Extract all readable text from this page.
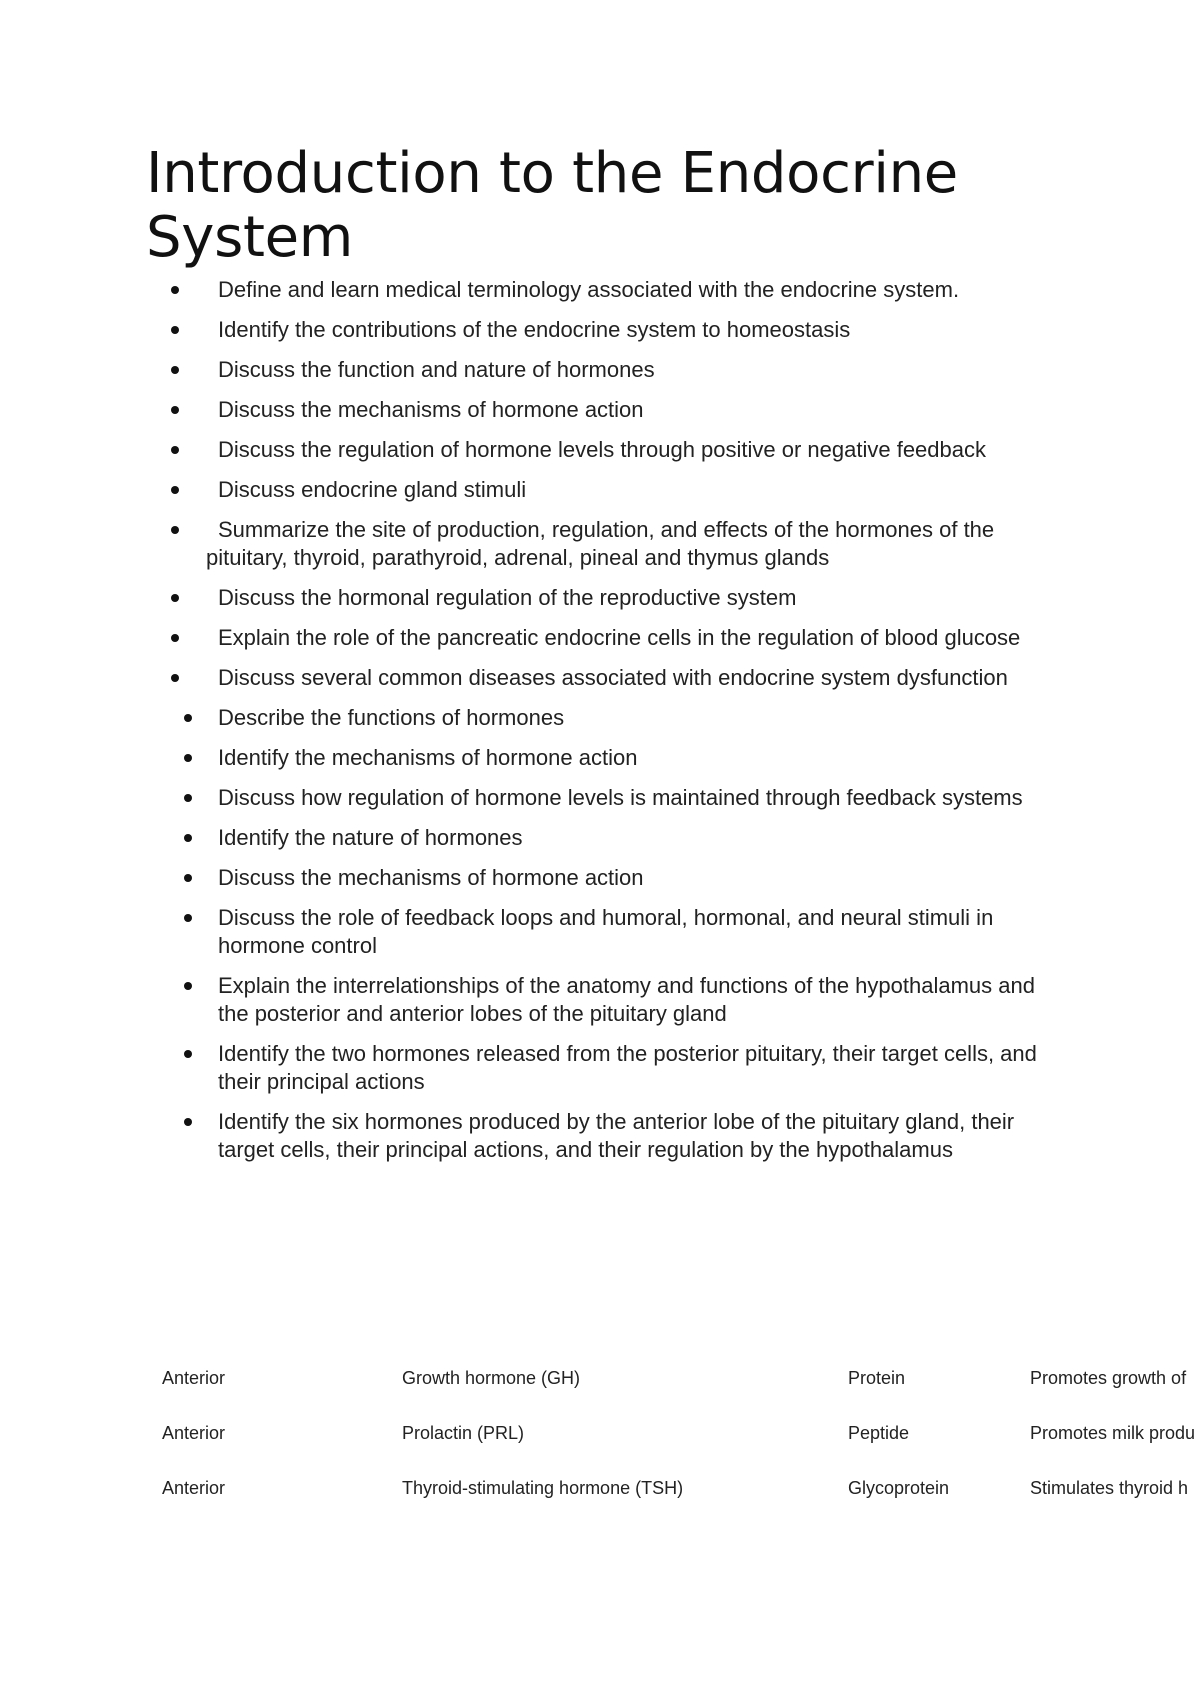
Introduction to the Endocrine System
Define and learn medical terminology associated with the endocrine system.
Identify the contributions of the endocrine system to homeostasis
Discuss the function and nature of hormones
Discuss the mechanisms of hormone action
Discuss the regulation of hormone levels through positive or negative feedback
Discuss endocrine gland stimuli
Summarize the site of production, regulation, and effects of the hormones of the pituitary, thyroid, parathyroid, adrenal, pineal and thymus glands
Discuss the hormonal regulation of the reproductive system
Explain the role of the pancreatic endocrine cells in the regulation of blood glucose
Discuss several common diseases associated with endocrine system dysfunction
Describe the functions of hormones
Identify the mechanisms of hormone action
Discuss how regulation of hormone levels is maintained through feedback systems
Identify the nature of hormones
Discuss the mechanisms of hormone action
Discuss the role of feedback loops and humoral, hormonal, and neural stimuli in hormone control
Explain the interrelationships of the anatomy and functions of the hypothalamus and the posterior and anterior lobes of the pituitary gland
Identify the two hormones released from the posterior pituitary, their target cells, and their principal actions
Identify the six hormones produced by the anterior lobe of the pituitary gland, their target cells, their principal actions, and their regulation by the hypothalamus
Anterior	Growth hormone (GH)	Protein	Promotes growth of
Anterior	Prolactin (PRL)	Peptide	Promotes milk produ
Anterior	Thyroid-stimulating hormone (TSH)	Glycoprotein	Stimulates thyroid h
